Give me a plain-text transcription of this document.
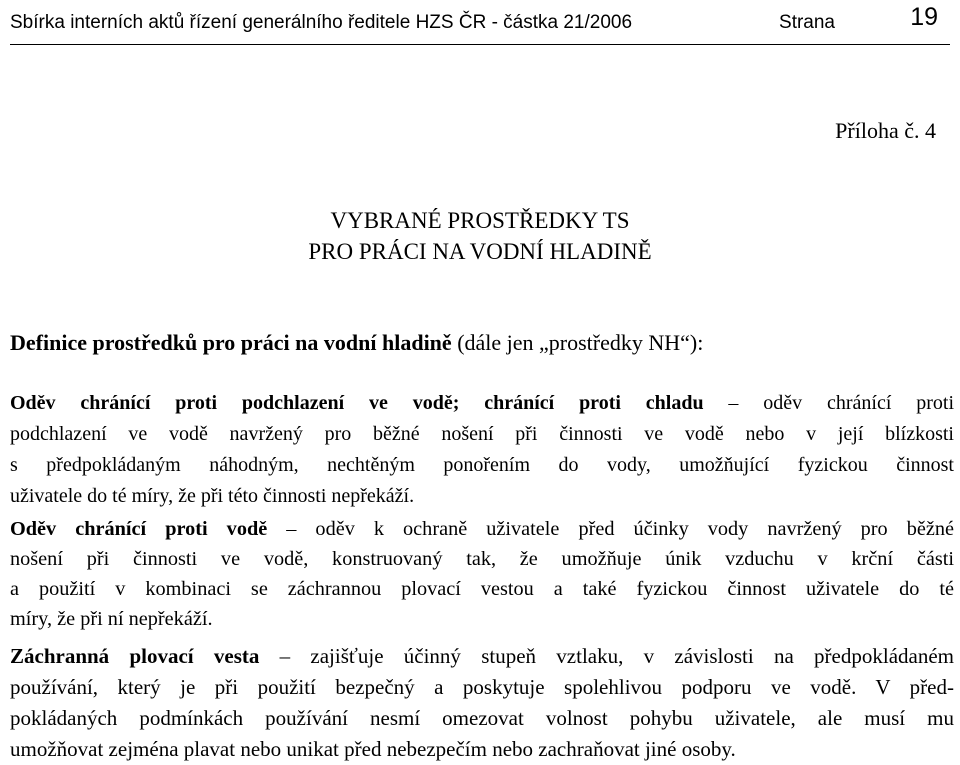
Sbírka interních aktů řízení generálního ředitele HZS ČR - částka 21/2006	Strana	19
Příloha č. 4
VYBRANÉ PROSTŘEDKY TS
PRO PRÁCI NA VODNÍ HLADINĚ
Definice prostředků pro práci na vodní hladině (dále jen „prostředky NH“):
Oděv chránící proti podchlazení ve vodě; chránící proti chladu – oděv chránící proti
podchlazení ve vodě navržený pro běžné nošení při činnosti ve vodě nebo v její blízkosti
s předpokládaným náhodným, nechtěným ponořením do vody, umožňující fyzickou činnost
uživatele do té míry, že při této činnosti nepřekáží.
Oděv chránící proti vodě – oděv k ochraně uživatele před účinky vody navržený pro běžné
nošení při činnosti ve vodě, konstruovaný tak, že umožňuje únik vzduchu v krční části
a použití v kombinaci se záchrannou plovací vestou a také fyzickou činnost uživatele do té
míry, že při ní nepřekáží.
Záchranná plovací vesta – zajišťuje účinný stupeň vztlaku, v závislosti na předpokládaném
používání, který je při použití bezpečný a poskytuje spolehlivou podporu ve vodě. V před-
pokládaných podmínkách používání nesmí omezovat volnost pohybu uživatele, ale musí mu
umožňovat zejména plavat nebo unikat před nebezpečím nebo zachraňovat jiné osoby.
